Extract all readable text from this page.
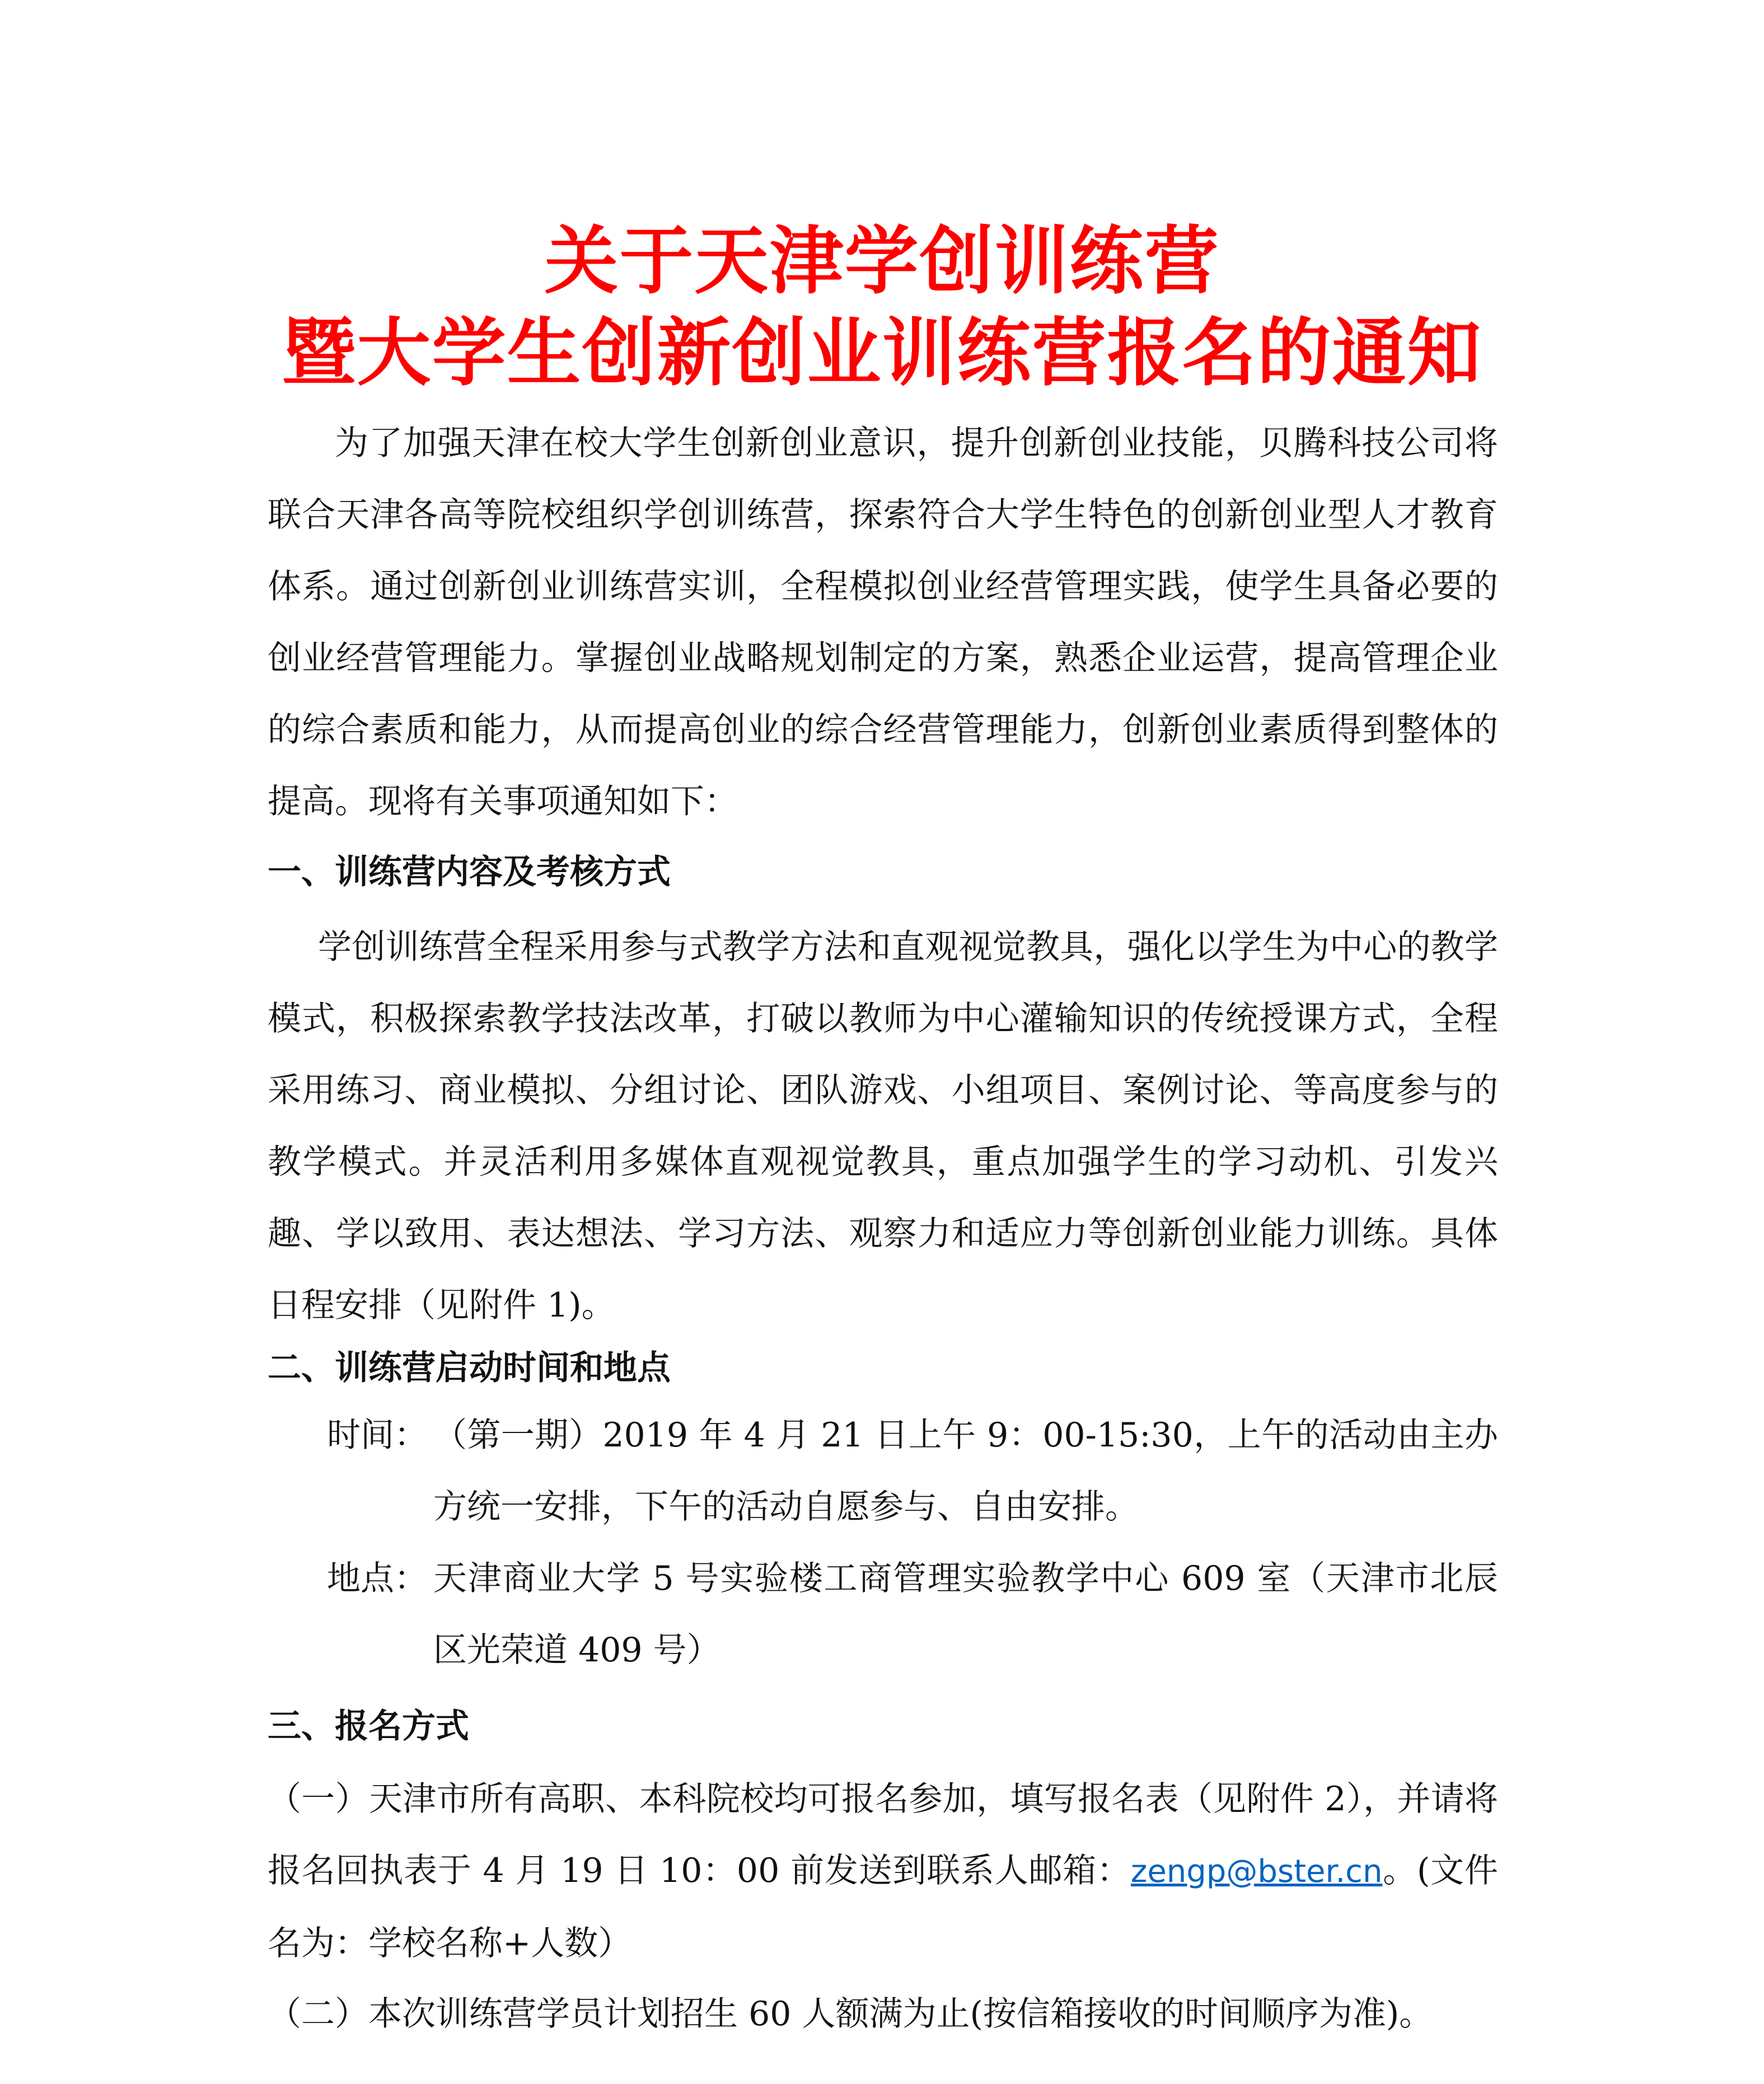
关于天津学创训练营
暨大学生创新创业训练营报名的通知
为了加强天津在校大学生创新创业意识，提升创新创业技能，贝腾科技公司将联合天津各高等院校组织学创训练营，探索符合大学生特色的创新创业型人才教育体系。通过创新创业训练营实训，全程模拟创业经营管理实践，使学生具备必要的创业经营管理能力。掌握创业战略规划制定的方案，熟悉企业运营，提高管理企业的综合素质和能力，从而提高创业的综合经营管理能力，创新创业素质得到整体的提高。现将有关事项通知如下：
一、训练营内容及考核方式
学创训练营全程采用参与式教学方法和直观视觉教具，强化以学生为中心的教学模式，积极探索教学技法改革，打破以教师为中心灌输知识的传统授课方式，全程采用练习、商业模拟、分组讨论、团队游戏、小组项目、案例讨论、等高度参与的教学模式。并灵活利用多媒体直观视觉教具，重点加强学生的学习动机、引发兴趣、学以致用、表达想法、学习方法、观察力和适应力等创新创业能力训练。具体日程安排（见附件 1)。
二、训练营启动时间和地点
时间： （第一期）2019 年 4 月 21 日上午 9：00-15:30，上午的活动由主办方统一安排，下午的活动自愿参与、自由安排。
地点： 天津商业大学 5 号实验楼工商管理实验教学中心 609 室（天津市北辰区光荣道 409 号）
三、报名方式
（一）天津市所有高职、本科院校均可报名参加，填写报名表（见附件 2），并请将报名回执表于 4 月 19 日 10：00 前发送到联系人邮箱：zengp@bster.cn。(文件名为：学校名称+人数）
（二）本次训练营学员计划招生 60 人额满为止(按信箱接收的时间顺序为准)。
